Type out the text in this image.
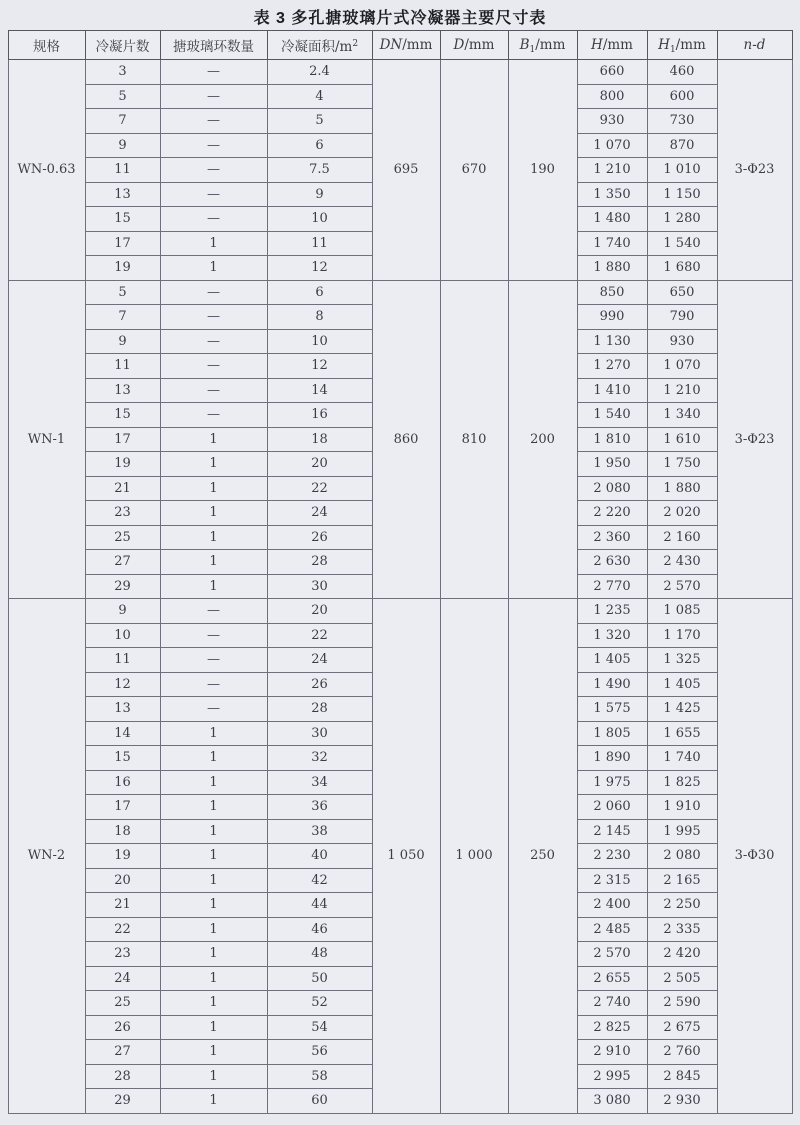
表 3 多孔搪玻璃片式冷凝器主要尺寸表
规格	冷凝片数	搪玻璃环数量	冷凝面积$/m^2$	DN/mm	D/mm	$B_1/mm$	H/mm	$H_1/mm$	n-d
WN-0.63	3	—	2.4	695	670	190	660	460	3-Φ23
	5	—	4				800	600	
	7	—	5				930	730	
	9	—	6				1 070	870	
	11	—	7.5				1 210	1 010	
	13	—	9				1 350	1 150	
	15	—	10				1 480	1 280	
	17	1	11				1 740	1 540	
	19	1	12				1 880	1 680	
WN-1	5	—	6	860	810	200	850	650	3-Φ23
	7	—	8				990	790	
	9	—	10				1 130	930	
	11	—	12				1 270	1 070	
	13	—	14				1 410	1 210	
	15	—	16				1 540	1 340	
	17	1	18				1 810	1 610	
	19	1	20				1 950	1 750	
	21	1	22				2 080	1 880	
	23	1	24				2 220	2 020	
	25	1	26				2 360	2 160	
	27	1	28				2 630	2 430	
	29	1	30				2 770	2 570	
WN-2	9	—	20	1 050	1 000	250	1 235	1 085	3-Φ30
	10	—	22				1 320	1 170	
	11	—	24				1 405	1 325	
	12	—	26				1 490	1 405	
	13	—	28				1 575	1 425	
	14	1	30				1 805	1 655	
	15	1	32				1 890	1 740	
	16	1	34				1 975	1 825	
	17	1	36				2 060	1 910	
	18	1	38				2 145	1 995	
	19	1	40				2 230	2 080	
	20	1	42				2 315	2 165	
	21	1	44				2 400	2 250	
	22	1	46				2 485	2 335	
	23	1	48				2 570	2 420	
	24	1	50				2 655	2 505	
	25	1	52				2 740	2 590	
	26	1	54				2 825	2 675	
	27	1	56				2 910	2 760	
	28	1	58				2 995	2 845	
	29	1	60				3 080	2 930	
